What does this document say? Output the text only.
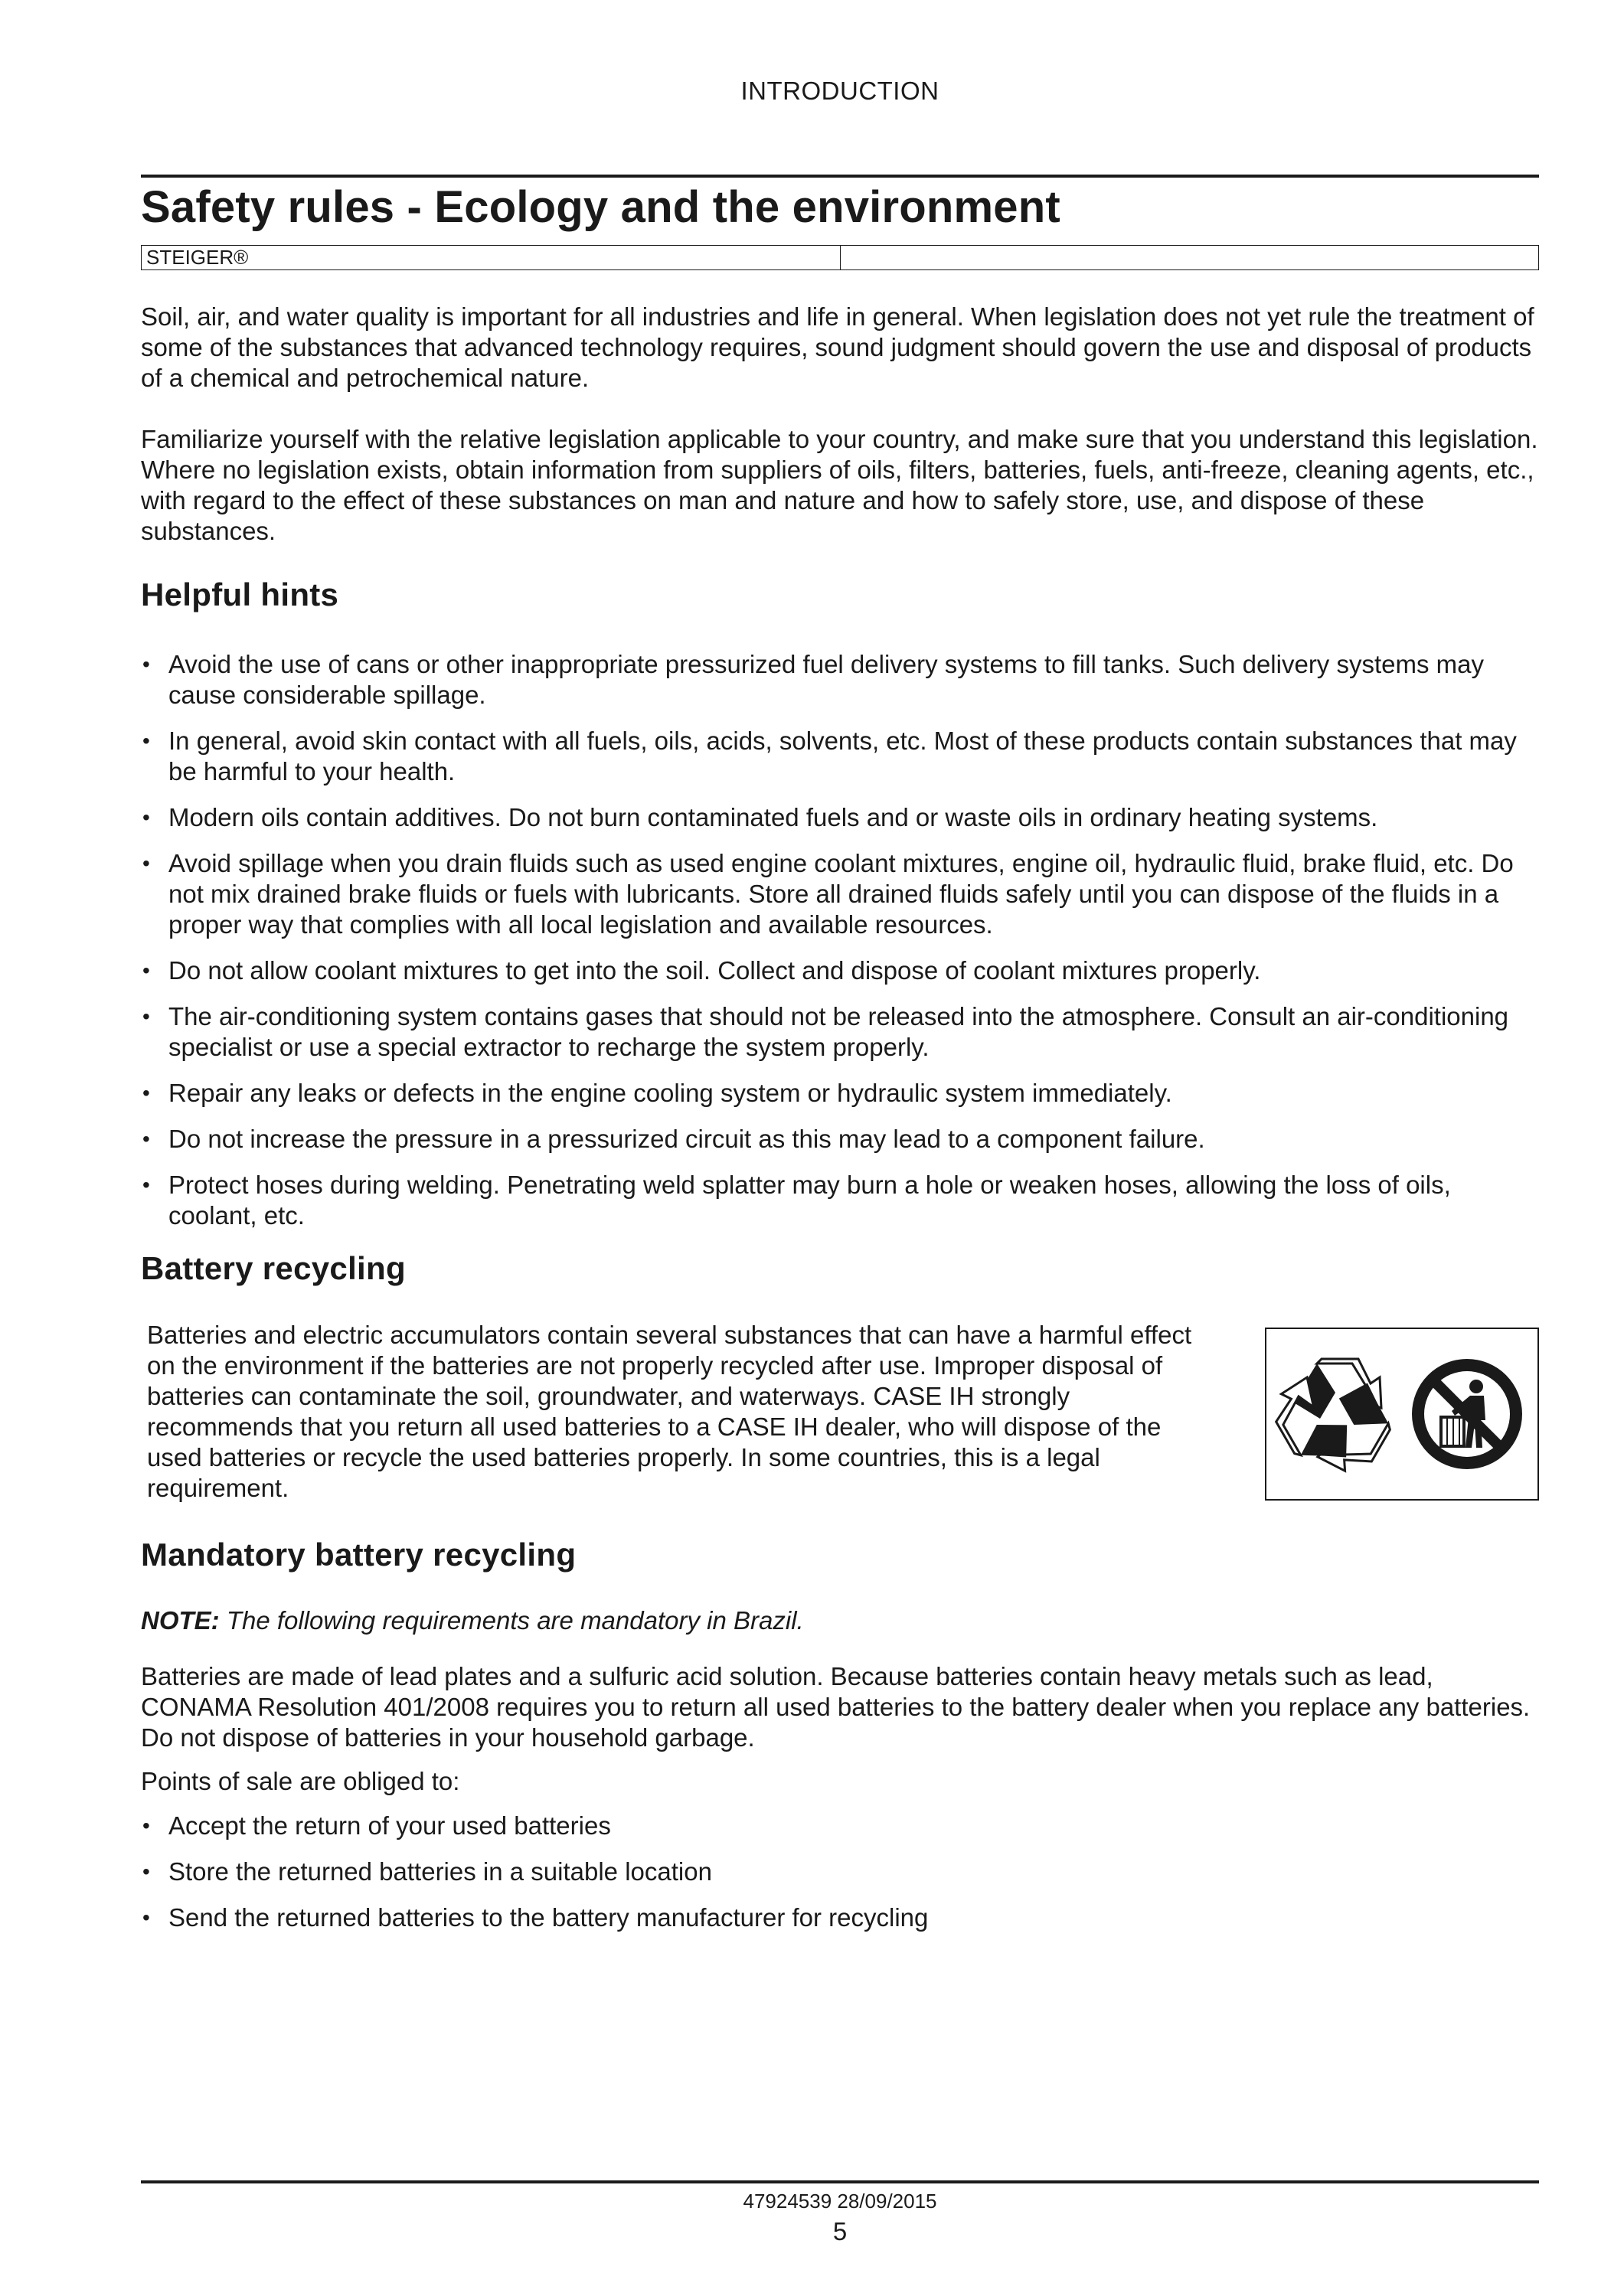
INTRODUCTION
Safety rules - Ecology and the environment
STEIGER®

Soil, air, and water quality is important for all industries and life in general. When legislation does not yet rule the treatment of some of the substances that advanced technology requires, sound judgment should govern the use and disposal of products of a chemical and petrochemical nature.

Familiarize yourself with the relative legislation applicable to your country, and make sure that you understand this legislation. Where no legislation exists, obtain information from suppliers of oils, filters, batteries, fuels, anti-freeze, cleaning agents, etc., with regard to the effect of these substances on man and nature and how to safely store, use, and dispose of these substances.

Helpful hints
• Avoid the use of cans or other inappropriate pressurized fuel delivery systems to fill tanks. Such delivery systems may cause considerable spillage.
• In general, avoid skin contact with all fuels, oils, acids, solvents, etc. Most of these products contain substances that may be harmful to your health.
• Modern oils contain additives. Do not burn contaminated fuels and or waste oils in ordinary heating systems.
• Avoid spillage when you drain fluids such as used engine coolant mixtures, engine oil, hydraulic fluid, brake fluid, etc. Do not mix drained brake fluids or fuels with lubricants. Store all drained fluids safely until you can dispose of the fluids in a proper way that complies with all local legislation and available resources.
• Do not allow coolant mixtures to get into the soil. Collect and dispose of coolant mixtures properly.
• The air-conditioning system contains gases that should not be released into the atmosphere. Consult an air-conditioning specialist or use a special extractor to recharge the system properly.
• Repair any leaks or defects in the engine cooling system or hydraulic system immediately.
• Do not increase the pressure in a pressurized circuit as this may lead to a component failure.
• Protect hoses during welding. Penetrating weld splatter may burn a hole or weaken hoses, allowing the loss of oils, coolant, etc.
Battery recycling

Batteries and electric accumulators contain several substances that can have a harmful effect on the environment if the batteries are not properly recycled after use. Improper disposal of batteries can contaminate the soil, groundwater, and waterways. CASE IH strongly recommends that you return all used batteries to a CASE IH dealer, who will dispose of the used batteries or recycle the used batteries properly. In some countries, this is a legal requirement.

Mandatory battery recycling
NOTE: The following requirements are mandatory in Brazil.

Batteries are made of lead plates and a sulfuric acid solution. Because batteries contain heavy metals such as lead, CONAMA Resolution 401/2008 requires you to return all used batteries to the battery dealer when you replace any batteries. Do not dispose of batteries in your household garbage.

Points of sale are obliged to:

• Accept the return of your used batteries
• Store the returned batteries in a suitable location
• Send the returned batteries to the battery manufacturer for recycling
47924539 28/09/2015
5
